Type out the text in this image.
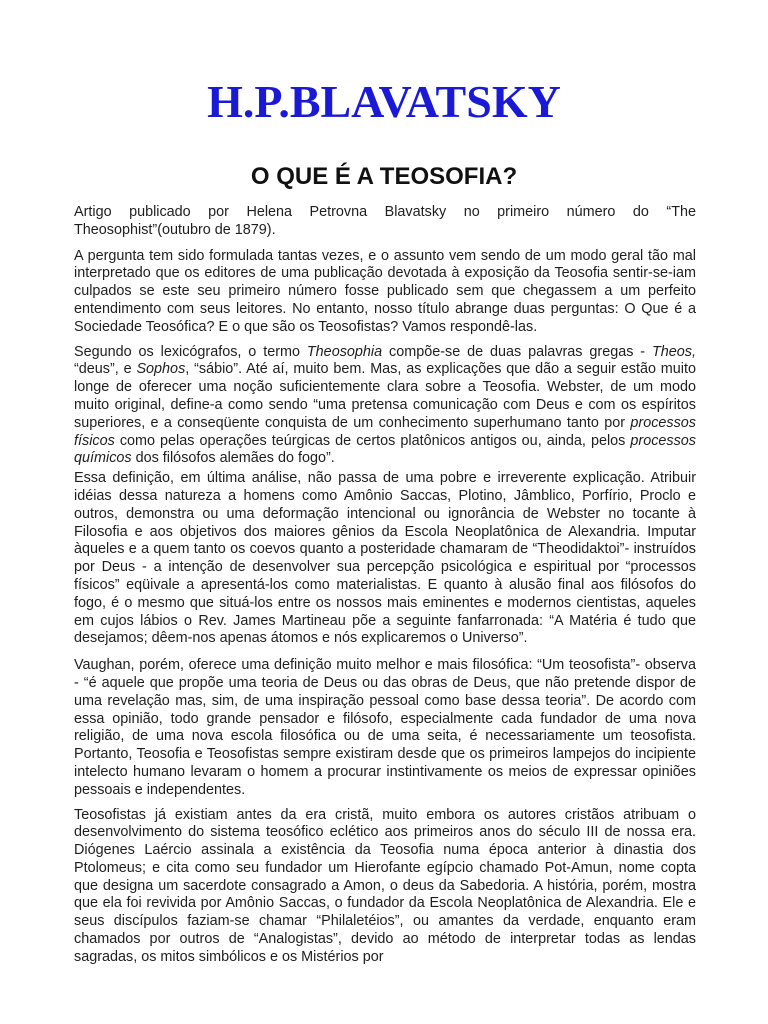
H.P.BLAVATSKY
O QUE É A TEOSOFIA?

Artigo publicado por Helena Petrovna Blavatsky no primeiro número do “The Theosophist”(outubro de 1879).

A pergunta tem sido formulada tantas vezes, e o assunto vem sendo de um modo geral tão mal interpretado que os editores de uma publicação devotada à exposição da Teosofia sentir-se-iam culpados se este seu primeiro número fosse publicado sem que chegassem a um perfeito entendimento com seus leitores. No entanto, nosso título abrange duas perguntas: O Que é a Sociedade Teosófica? E o que são os Teosofistas? Vamos respondê-las.

Segundo os lexicógrafos, o termo Theosophia compõe-se de duas palavras gregas - Theos, “deus”, e Sophos, “sábio”. Até aí, muito bem. Mas, as explicações que dão a seguir estão muito longe de oferecer uma noção suficientemente clara sobre a Teosofia. Webster, de um modo muito original, define-a como sendo “uma pretensa comunicação com Deus e com os espíritos superiores, e a conseqüente conquista de um conhecimento superhumano tanto por processos físicos como pelas operações teúrgicas de certos platônicos antigos ou, ainda, pelos processos químicos dos filósofos alemães do fogo”.

Essa definição, em última análise, não passa de uma pobre e irreverente explicação. Atribuir idéias dessa natureza a homens como Amônio Saccas, Plotino, Jâmblico, Porfírio, Proclo e outros, demonstra ou uma deformação intencional ou ignorância de Webster no tocante à Filosofia e aos objetivos dos maiores gênios da Escola Neoplatônica de Alexandria. Imputar àqueles e a quem tanto os coevos quanto a posteridade chamaram de “Theodidaktoi”- instruídos por Deus - a intenção de desenvolver sua percepção psicológica e espiritual por “processos físicos” eqüivale a apresentá-los como materialistas. E quanto à alusão final aos filósofos do fogo, é o mesmo que situá-los entre os nossos mais eminentes e modernos cientistas, aqueles em cujos lábios o Rev. James Martineau põe a seguinte fanfarronada: “A Matéria é tudo que desejamos; dêem-nos apenas átomos e nós explicaremos o Universo”.

Vaughan, porém, oferece uma definição muito melhor e mais filosófica: “Um teosofista”- observa - “é aquele que propõe uma teoria de Deus ou das obras de Deus, que não pretende dispor de uma revelação mas, sim, de uma inspiração pessoal como base dessa teoria”. De acordo com essa opinião, todo grande pensador e filósofo, especialmente cada fundador de uma nova religião, de uma nova escola filosófica ou de uma seita, é necessariamente um teosofista. Portanto, Teosofia e Teosofistas sempre existiram desde que os primeiros lampejos do incipiente intelecto humano levaram o homem a procurar instintivamente os meios de expressar opiniões pessoais e independentes.

Teosofistas já existiam antes da era cristã, muito embora os autores cristãos atribuam o desenvolvimento do sistema teosófico eclético aos primeiros anos do século III de nossa era. Diógenes Laércio assinala a existência da Teosofia numa época anterior à dinastia dos Ptolomeus; e cita como seu fundador um Hierofante egípcio chamado Pot-Amun, nome copta que designa um sacerdote consagrado a Amon, o deus da Sabedoria. A história, porém, mostra que ela foi revivida por Amônio Saccas, o fundador da Escola Neoplatônica de Alexandria. Ele e seus discípulos faziam-se chamar “Philaletéios”, ou amantes da verdade, enquanto eram chamados por outros de “Analogistas”, devido ao método de interpretar todas as lendas sagradas, os mitos simbólicos e os Mistérios por
